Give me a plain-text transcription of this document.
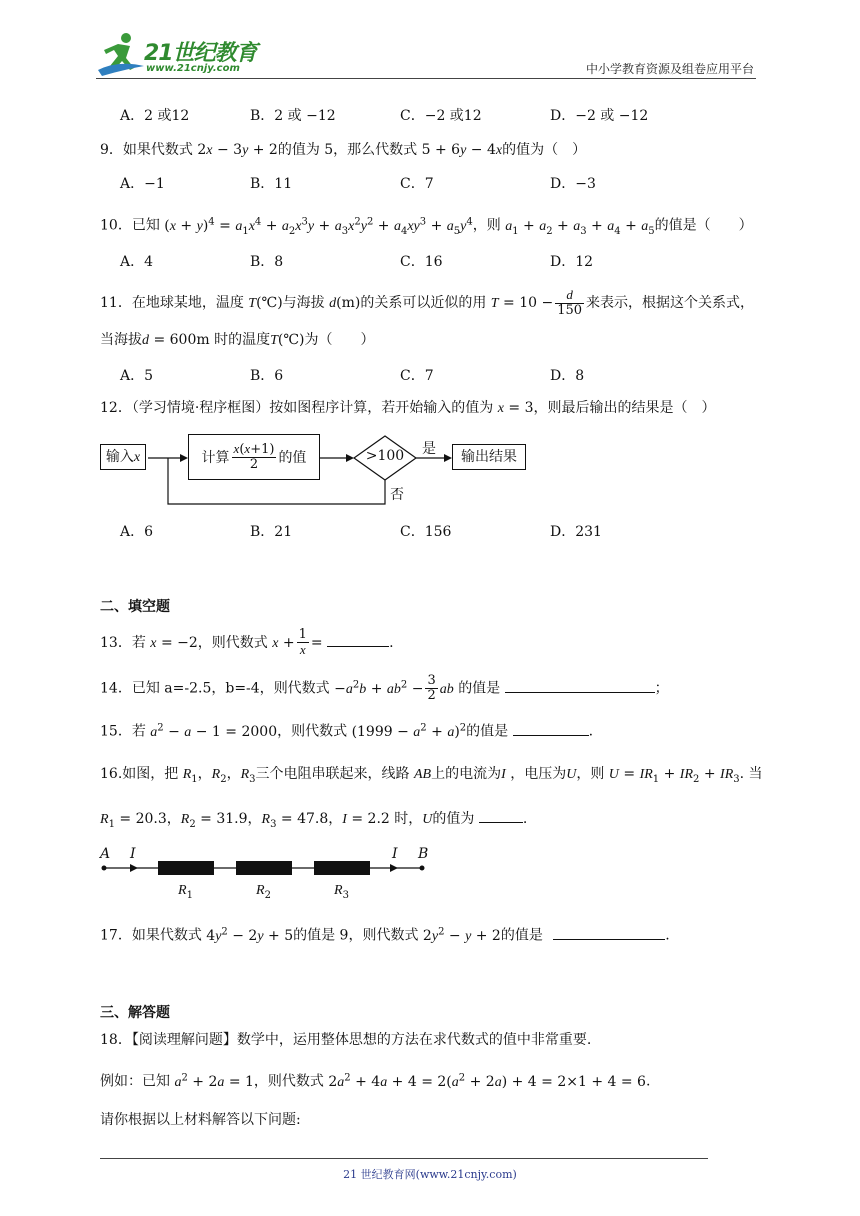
21世纪教育
www.21cnjy.com	中小学教育资源及组卷应用平台
A．2 或12	B．2 或 −12	C．−2 或12	D．−2 或 −12
9．如果代数式 2x − 3y + 2的值为 5，那么代数式 5 + 6y − 4x的值为（　）
A．−1	B．11	C．7	D．−3
10．已知 $(x + y)^4 = a_1x^4 + a_2x^3y + a_3x^2y^2 + a_4xy^3 + a_5y^4$，则 $a_1 + a_2 + a_3 + a_4 + a_5$的值是（　　）
A．4	B．8	C．16	D．12
11．在地球某地，温度 T(℃)与海拔 d(m)的关系可以近似的用 $T = 10 - \frac{d}{150}$ 来表示，根据这个关系式，
当海拔d = 600m 时的温度T(℃)为（　　）
A．5	B．6	C．7	D．8
12．（学习情境·程序框图）按如图程序计算，若开始输入的值为 x = 3，则最后输出的结果是（　）
输入x	计算 $\frac{x(x+1)}{2}$ 的值	>100 是
否
输出结果
A．6	B．21	C．156	D．231
二、填空题
13．若 x = −2，则代数式 $x + \frac{1}{x}$ =	.
14．已知 a=-2.5，b=-4，则代数式 $-a^2b + ab^2 - \frac{3}{2}$ ab 的值是	；
15．若 $a^2 - a - 1 = 2000$，则代数式 $(1999 - a^2 + a)^2$的值是	.
16.如图，把 $R_1$，$R_2$，$R_3$三个电阻串联起来，线路 AB上的电流为I ，电压为U，则 $U = IR_1 + IR_2 + IR_3$. 当
$R_1 = 20.3$，$R_2 = 31.9$，$R_3 = 47.8$，I = 2.2 时，U的值为	.
A I	I B
$R_1$	$R_2$	$R_3$
17．如果代数式 $4y^2 - 2y + 5$的值是 9，则代数式 $2y^2 - y + 2$的值是	.
三、解答题
18．【阅读理解问题】数学中，运用整体思想的方法在求代数式的值中非常重要.
例如：已知 $a^2 + 2a = 1$，则代数式 $2a^2 + 4a + 4 = 2(a^2 + 2a) + 4 = 2\times 1 + 4 = 6$.
请你根据以上材料解答以下问题:
21 世纪教育网(www.21cnjy.com)
